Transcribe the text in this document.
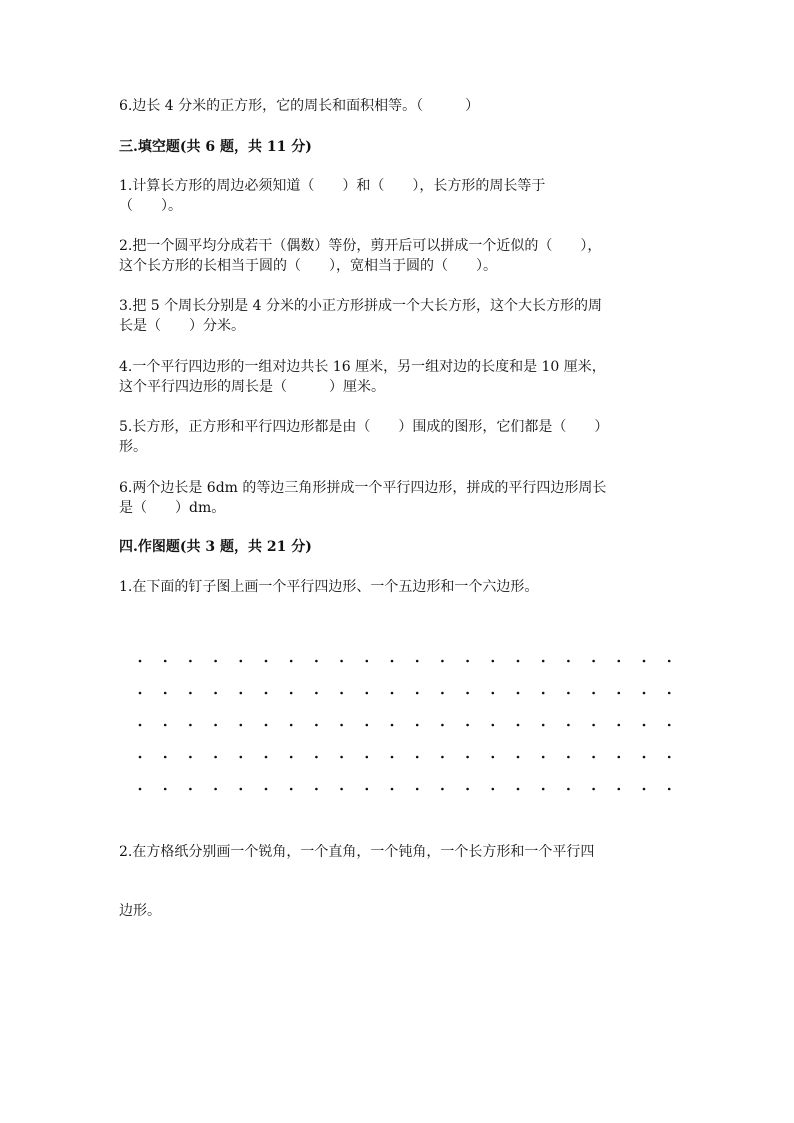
6.边长 4 分米的正方形，它的周长和面积相等。（　　　）
三.填空题(共 6 题，共 11 分)
1.计算长方形的周边必须知道（　　）和（　　），长方形的周长等于
（　　）。
2.把一个圆平均分成若干（偶数）等份，剪开后可以拼成一个近似的（　　），
这个长方形的长相当于圆的（　　），宽相当于圆的（　　）。
3.把 5 个周长分别是 4 分米的小正方形拼成一个大长方形，这个大长方形的周
长是（　　）分米。
4.一个平行四边形的一组对边共长 16 厘米，另一组对边的长度和是 10 厘米，
这个平行四边形的周长是（　　　）厘米。
5.长方形，正方形和平行四边形都是由（　　）围成的图形，它们都是（　　）
形。
6.两个边长是 6dm 的等边三角形拼成一个平行四边形，拼成的平行四边形周长
是（　　）dm。
四.作图题(共 3 题，共 21 分)
1.在下面的钉子图上画一个平行四边形、一个五边形和一个六边形。
2.在方格纸分别画一个锐角，一个直角，一个钝角，一个长方形和一个平行四
边形。
